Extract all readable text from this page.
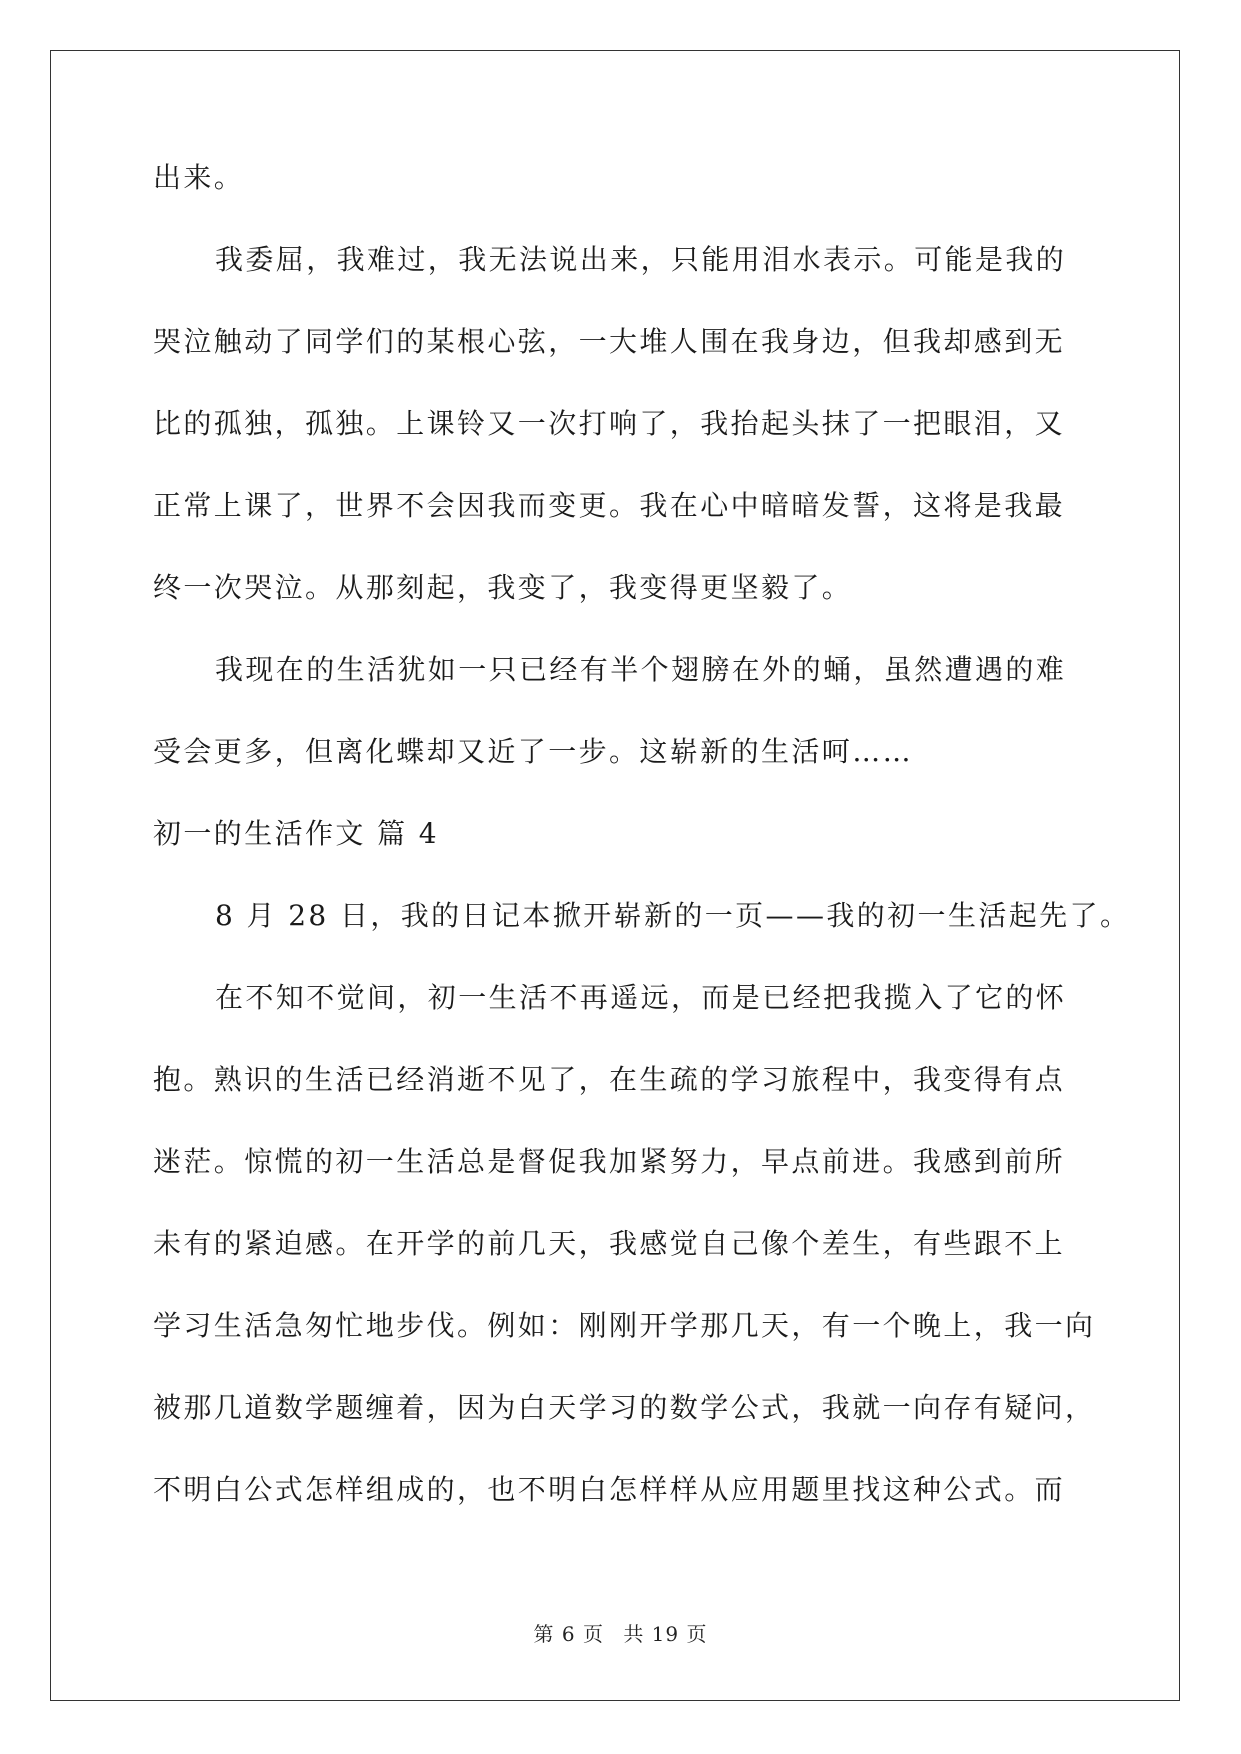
出来。

我委屈，我难过，我无法说出来，只能用泪水表示。可能是我的

哭泣触动了同学们的某根心弦，一大堆人围在我身边，但我却感到无

比的孤独，孤独。上课铃又一次打响了，我抬起头抹了一把眼泪，又

正常上课了，世界不会因我而变更。我在心中暗暗发誓，这将是我最

终一次哭泣。从那刻起，我变了，我变得更坚毅了。

我现在的生活犹如一只已经有半个翅膀在外的蛹，虽然遭遇的难

受会更多，但离化蝶却又近了一步。这崭新的生活呵……

初一的生活作文 篇 4

8 月 28 日，我的日记本掀开崭新的一页——我的初一生活起先了。

在不知不觉间，初一生活不再遥远，而是已经把我揽入了它的怀

抱。熟识的生活已经消逝不见了，在生疏的学习旅程中，我变得有点

迷茫。惊慌的初一生活总是督促我加紧努力，早点前进。我感到前所

未有的紧迫感。在开学的前几天，我感觉自己像个差生，有些跟不上

学习生活急匆忙地步伐。例如：刚刚开学那几天，有一个晚上，我一向

被那几道数学题缠着，因为白天学习的数学公式，我就一向存有疑问，

不明白公式怎样组成的，也不明白怎样样从应用题里找这种公式。而

第 6 页 共 19 页
